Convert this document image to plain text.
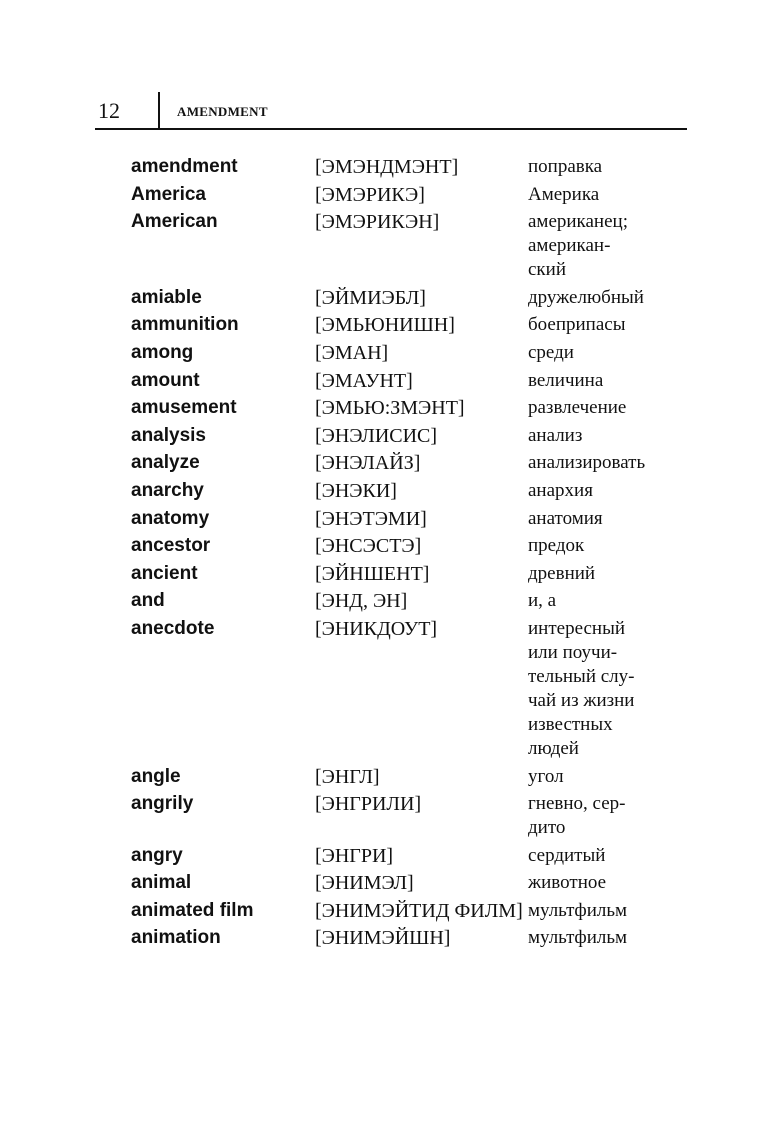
12	AMENDMENT
amendment	[ЭМЭНДМЭНТ]	поправка
America	[ЭМЭРИКЭ]	Америка
American	[ЭМЭРИКЭН]	американец;
американ-
ский
amiable	[ЭЙМИЭБЛ]	дружелюбный
ammunition	[ЭМЬЮНИШН]	боеприпасы
among	[ЭМАН]	среди
amount	[ЭМАУНТ]	величина
amusement	[ЭМЬЮ:ЗМЭНТ]	развлечение
analysis	[ЭНЭЛИСИС]	анализ
analyze	[ЭНЭЛАЙЗ]	анализировать
anarchy	[ЭНЭКИ]	анархия
anatomy	[ЭНЭТЭМИ]	анатомия
ancestor	[ЭНСЭСТЭ]	предок
ancient	[ЭЙНШЕНТ]	древний
and	[ЭНД, ЭН]	и, а
anecdote	[ЭНИКДОУТ]	интересный
или поучи-
тельный слу-
чай из жизни
известных
людей
angle	[ЭНГЛ]	угол
angrily	[ЭНГРИЛИ]	гневно, сер-
дито
angry	[ЭНГРИ]	сердитый
animal	[ЭНИМЭЛ]	животное
animated film	[ЭНИМЭЙТИД ФИЛМ] мультфильм
animation	[ЭНИМЭЙШН]	мультфильм
